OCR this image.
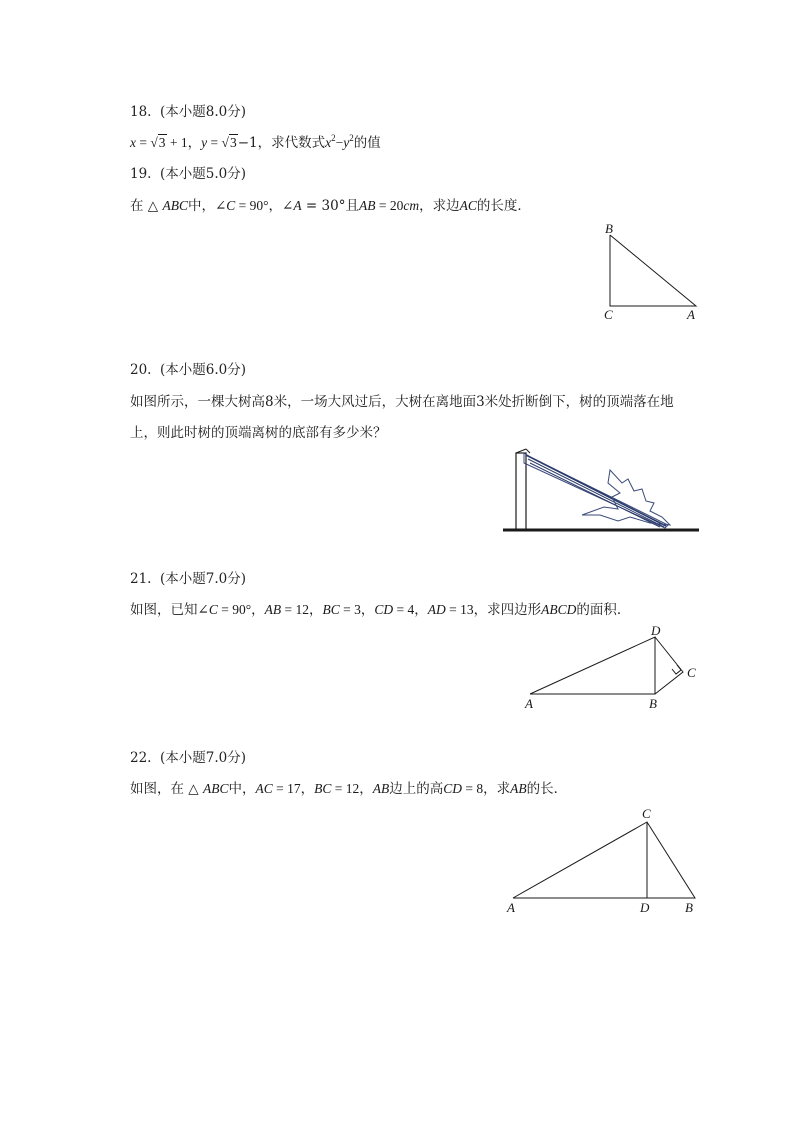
18. (本小题8.0分)
x = √3 + 1，y = √3−1，求代数式$x^2-y^2$的值
19. (本小题5.0分)
在 △ ABC中，∠C = 90°，∠A = 30°且AB = 20cm，求边AC的长度．
B
C	A
20. (本小题6.0分)
如图所示，一棵大树高8米，一场大风过后，大树在离地面3米处折断倒下，树的顶端落在地
上，则此时树的顶端离树的底部有多少米？
21. (本小题7.0分)
如图，已知∠C = 90°，AB = 12，BC = 3，CD = 4，AD = 13，求四边形ABCD的面积．
D
C
A	B
22. (本小题7.0分)
如图，在 △ ABC中，AC = 17，BC = 12，AB边上的高CD = 8，求AB的长．
C
A	D	B
